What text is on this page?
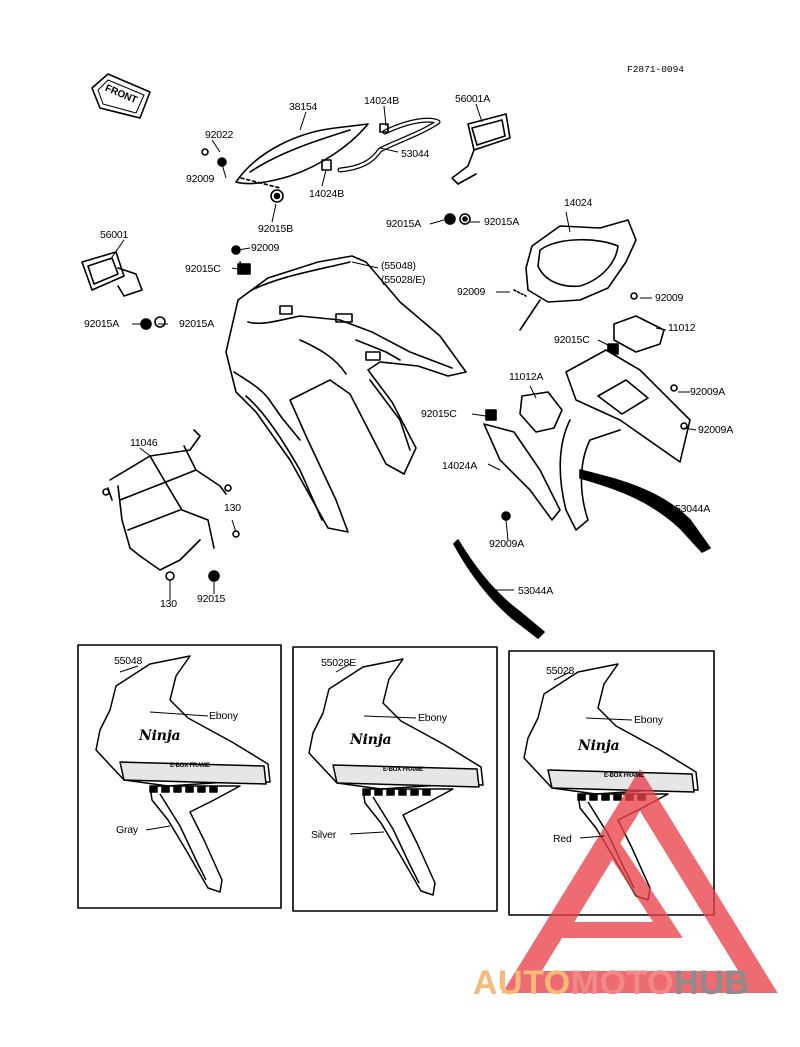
F2871-0094
FRONT
38154	14024B	56001A
92022
53044
92009
14024B
92015B	92015A	92015A
14024
56001
92009
92015C	(55048)
(55028/E)
92009	92009
92015A	92015A	11012
92015C
11012A
92009A
92009A
92015C
11046
14024A
130	53044A
92009A
130 92015
53044A
55048
Ebony
Gray
55028E
Ebony
Silver
55028
Ebony
Red
Ninja
E-BOX FRAME
Ninja
E-BOX FRAME
Ninja
E-BOX FRAME
AUTOMOTOHUB
